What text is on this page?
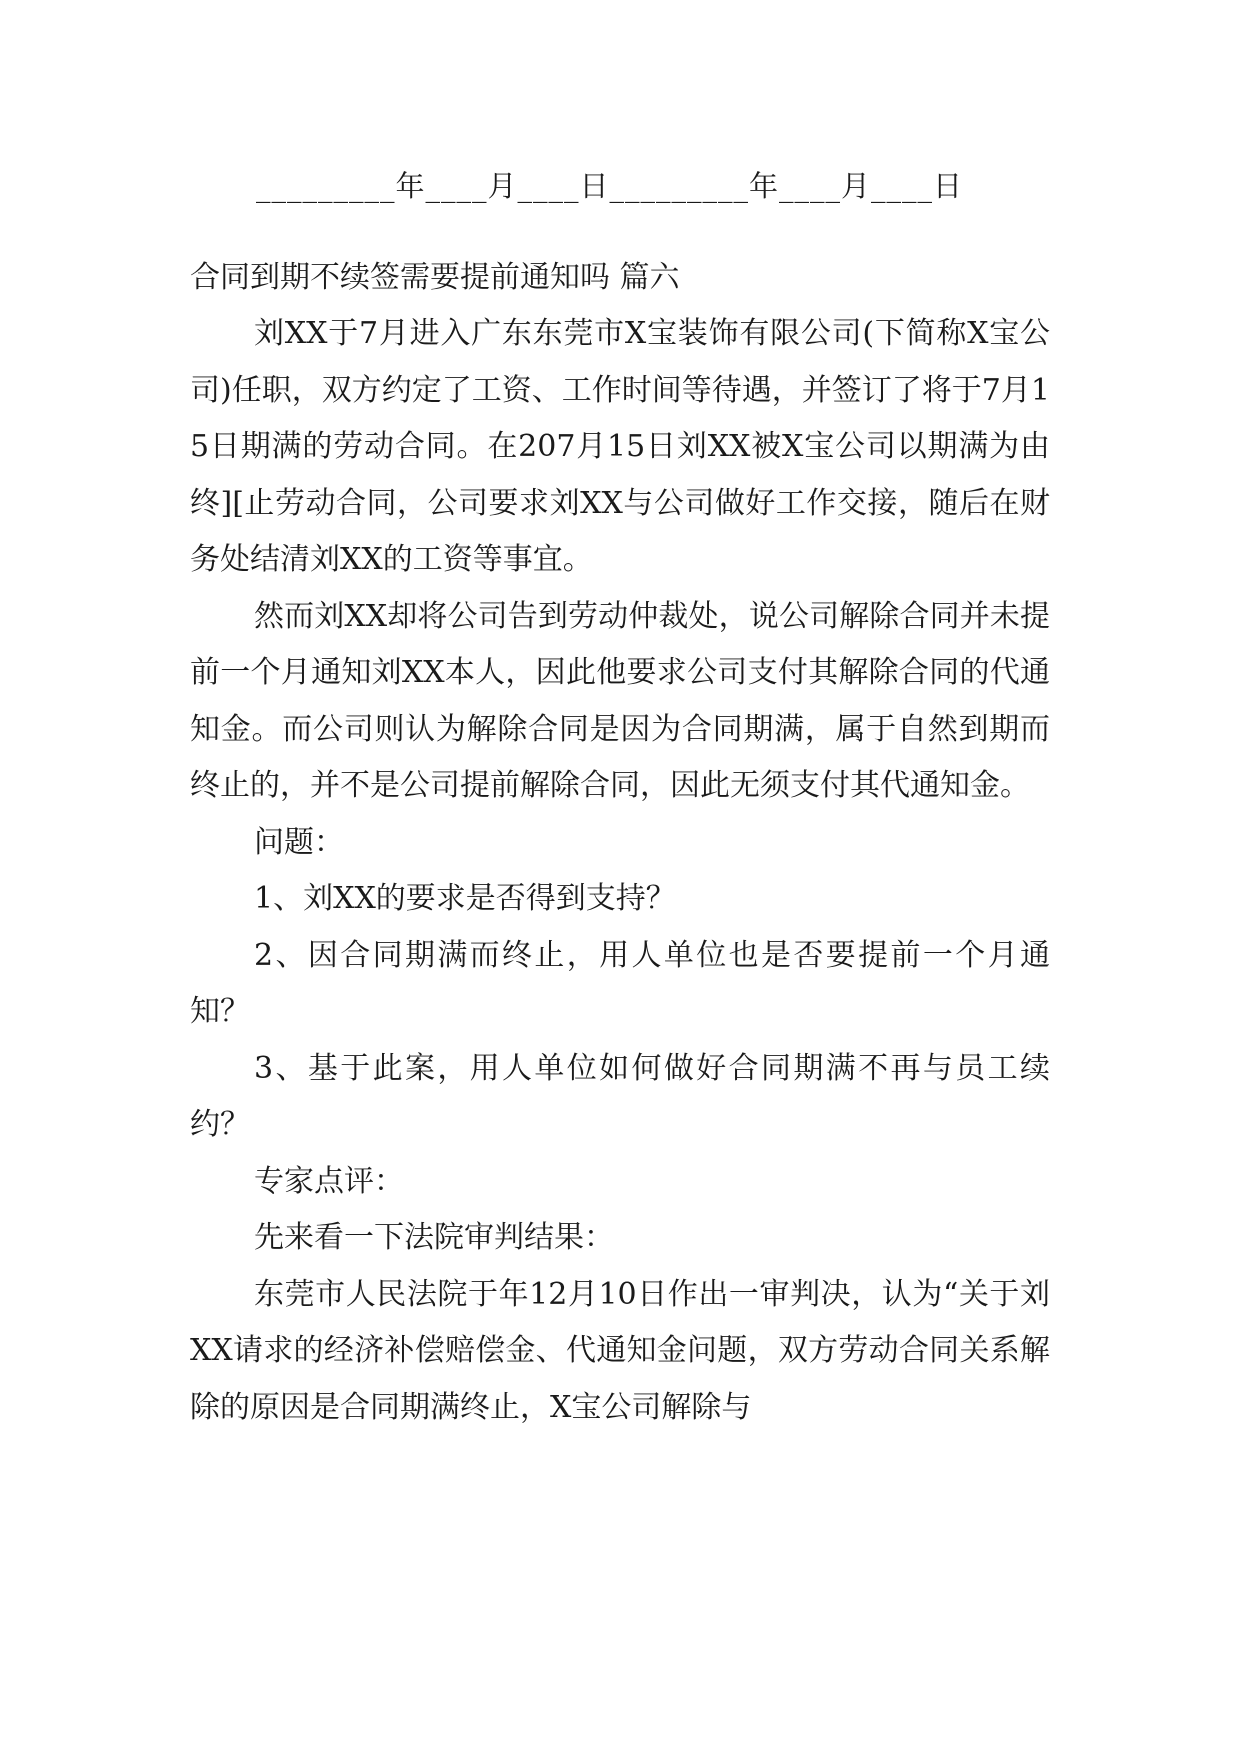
_________年____月____日_________年____月____日
合同到期不续签需要提前通知吗 篇六

刘XX于7月进入广东东莞市X宝装饰有限公司(下简称X宝公司)任职，双方约定了工资、工作时间等待遇，并签订了将于7月15日期满的劳动合同。在207月15日刘XX被X宝公司以期满为由终][止劳动合同，公司要求刘XX与公司做好工作交接，随后在财务处结清刘XX的工资等事宜。

然而刘XX却将公司告到劳动仲裁处，说公司解除合同并未提前一个月通知刘XX本人，因此他要求公司支付其解除合同的代通知金。而公司则认为解除合同是因为合同期满，属于自然到期而终止的，并不是公司提前解除合同，因此无须支付其代通知金。

问题：

1、刘XX的要求是否得到支持？

2、因合同期满而终止，用人单位也是否要提前一个月通知？

3、基于此案，用人单位如何做好合同期满不再与员工续约？

专家点评：

先来看一下法院审判结果：

东莞市人民法院于年12月10日作出一审判决，认为“关于刘XX请求的经济补偿赔偿金、代通知金问题，双方劳动合同关系解除的原因是合同期满终止，X宝公司解除与
